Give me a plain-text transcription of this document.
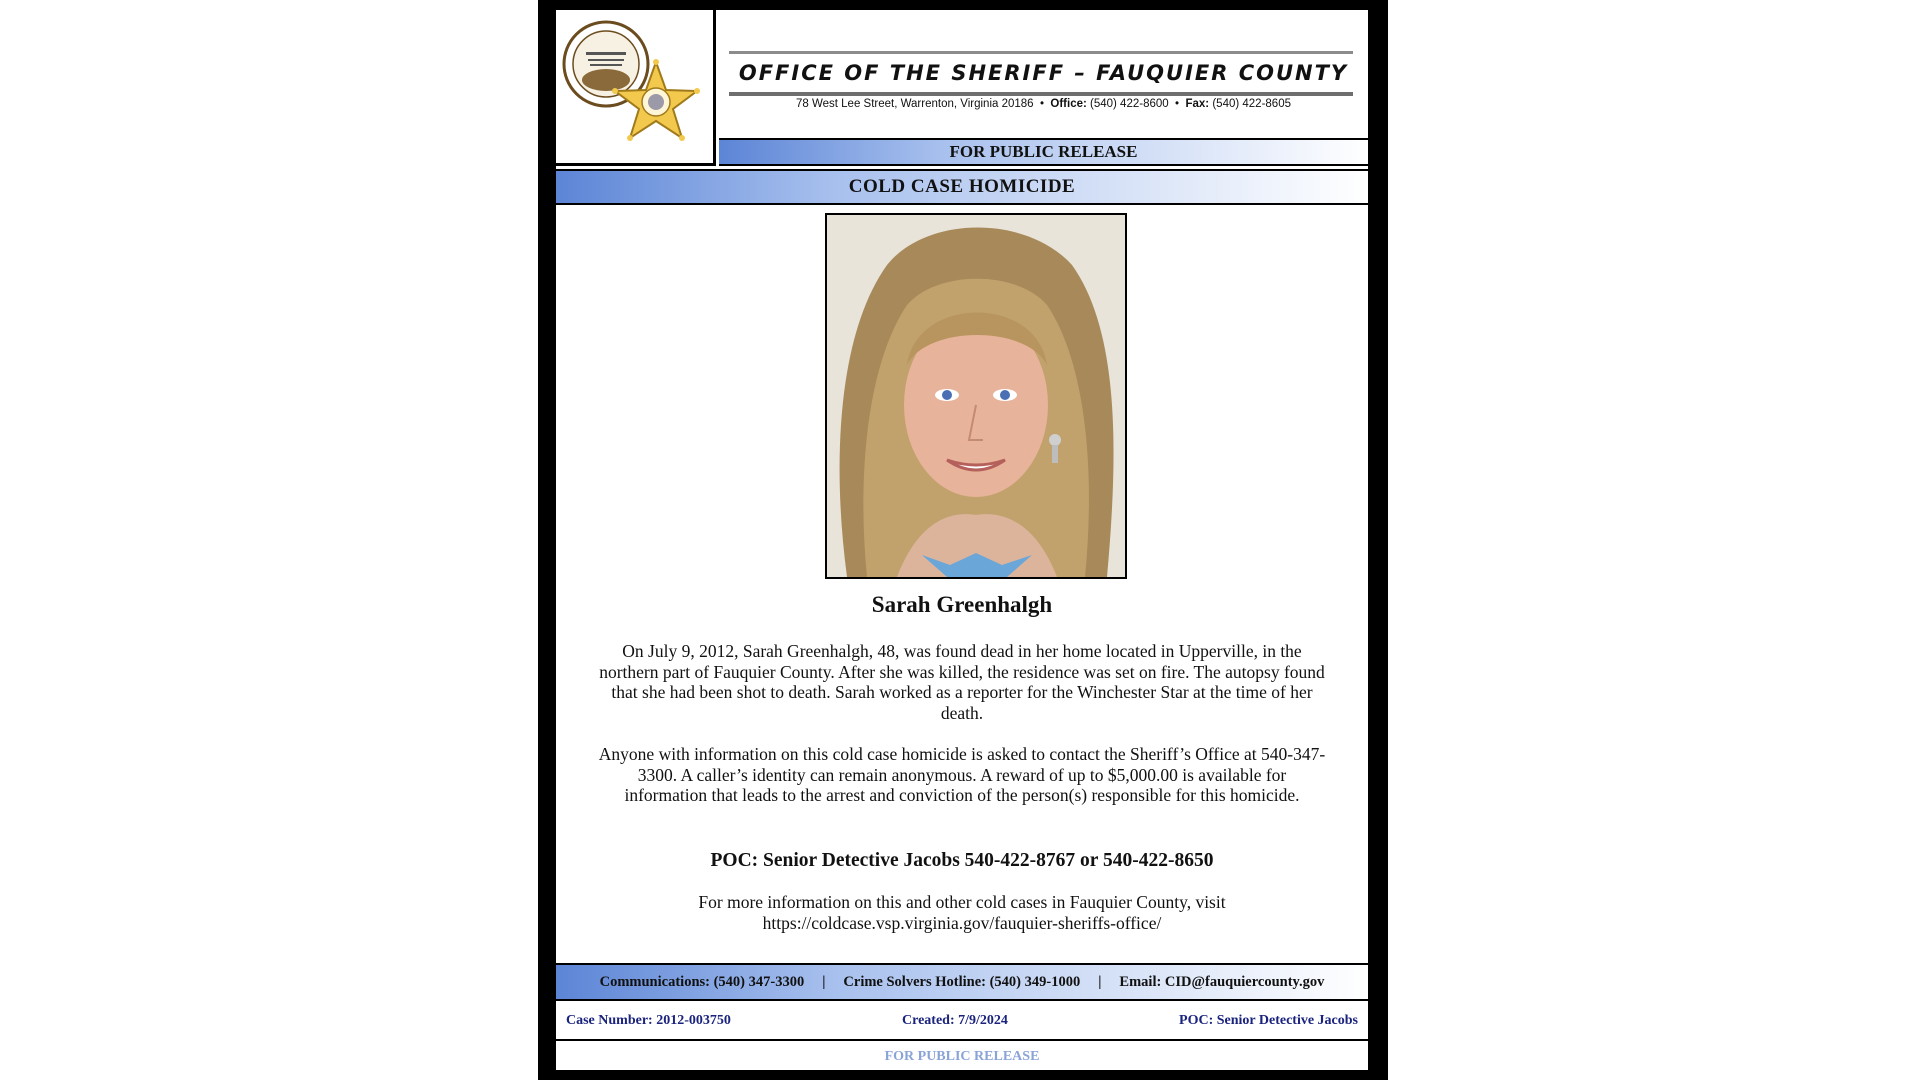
OFFICE OF THE SHERIFF – FAUQUIER COUNTY
78 West Lee Street, Warrenton, Virginia 20186  •  Office: (540) 422-8600  •  Fax: (540) 422-8605
FOR PUBLIC RELEASE
COLD CASE HOMICIDE
Sarah Greenhalgh
On July 9, 2012, Sarah Greenhalgh, 48, was found dead in her home located in Upperville, in the northern part of Fauquier County. After she was killed, the residence was set on fire. The autopsy found that she had been shot to death. Sarah worked as a reporter for the Winchester Star at the time of her death.
Anyone with information on this cold case homicide is asked to contact the Sheriff’s Office at 540-347-3300. A caller’s identity can remain anonymous. A reward of up to $5,000.00 is available for information that leads to the arrest and conviction of the person(s) responsible for this homicide.
POC: Senior Detective Jacobs 540-422-8767 or 540-422-8650
For more information on this and other cold cases in Fauquier County, visit
https://coldcase.vsp.virginia.gov/fauquier-sheriffs-office/
Communications: (540) 347-3300	|	Crime Solvers Hotline: (540) 349-1000	|	Email: CID@fauquiercounty.gov
Case Number: 2012-003750	Created: 7/9/2024	POC: Senior Detective Jacobs
FOR PUBLIC RELEASE
